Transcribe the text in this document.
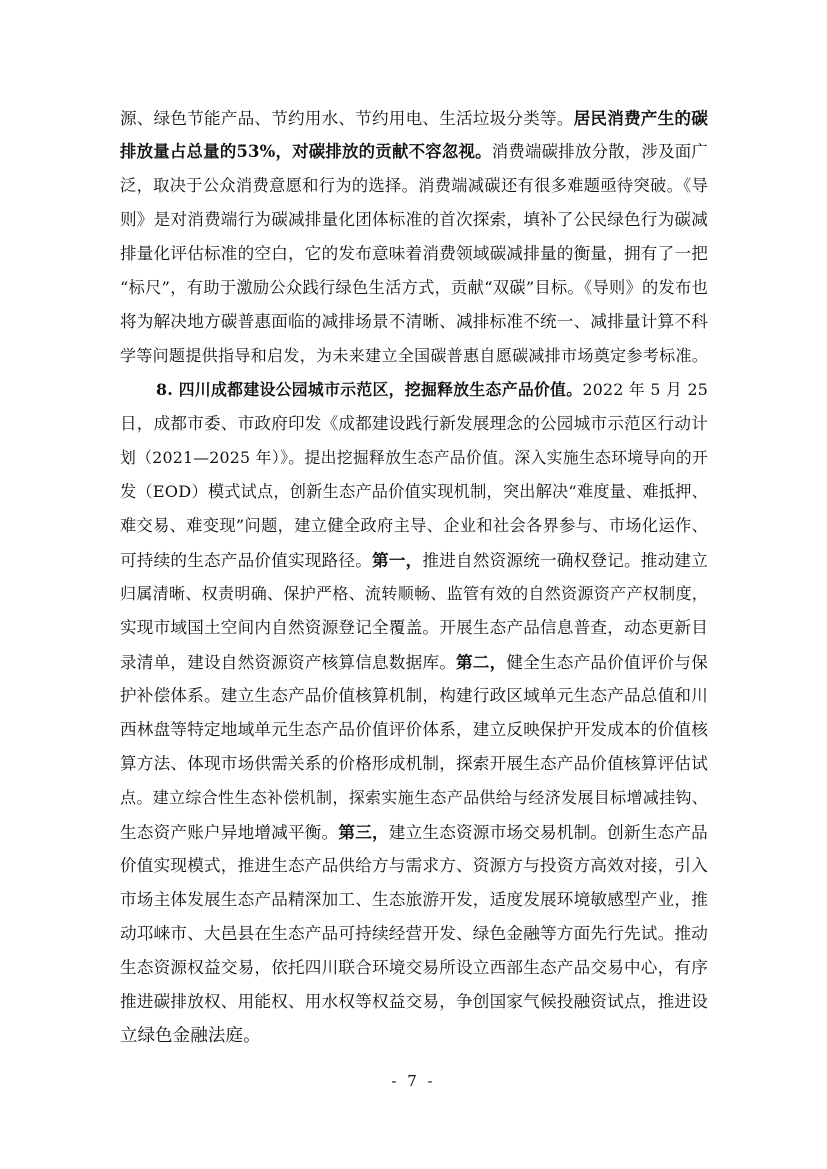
源、绿色节能产品、节约用水、节约用电、生活垃圾分类等。居民消费产生的碳
排放量占总量的53%，对碳排放的贡献不容忽视。消费端碳排放分散，涉及面广
泛，取决于公众消费意愿和行为的选择。消费端减碳还有很多难题亟待突破。《导
则》是对消费端行为碳减排量化团体标准的首次探索，填补了公民绿色行为碳减
排量化评估标准的空白，它的发布意味着消费领域碳减排量的衡量，拥有了一把
“标尺”，有助于激励公众践行绿色生活方式，贡献“双碳”目标。《导则》的发布也
将为解决地方碳普惠面临的减排场景不清晰、减排标准不统一、减排量计算不科
学等问题提供指导和启发，为未来建立全国碳普惠自愿碳减排市场奠定参考标准。
8. 四川成都建设公园城市示范区，挖掘释放生态产品价值。2022 年 5 月 25
日，成都市委、市政府印发《成都建设践行新发展理念的公园城市示范区行动计
划（2021—2025 年）》。提出挖掘释放生态产品价值。深入实施生态环境导向的开
发（EOD）模式试点，创新生态产品价值实现机制，突出解决“难度量、难抵押、
难交易、难变现”问题，建立健全政府主导、企业和社会各界参与、市场化运作、
可持续的生态产品价值实现路径。第一，推进自然资源统一确权登记。推动建立
归属清晰、权责明确、保护严格、流转顺畅、监管有效的自然资源资产产权制度，
实现市域国土空间内自然资源登记全覆盖。开展生态产品信息普查，动态更新目
录清单，建设自然资源资产核算信息数据库。第二，健全生态产品价值评价与保
护补偿体系。建立生态产品价值核算机制，构建行政区域单元生态产品总值和川
西林盘等特定地域单元生态产品价值评价体系，建立反映保护开发成本的价值核
算方法、体现市场供需关系的价格形成机制，探索开展生态产品价值核算评估试
点。建立综合性生态补偿机制，探索实施生态产品供给与经济发展目标增减挂钩、
生态资产账户异地增减平衡。第三，建立生态资源市场交易机制。创新生态产品
价值实现模式，推进生态产品供给方与需求方、资源方与投资方高效对接，引入
市场主体发展生态产品精深加工、生态旅游开发，适度发展环境敏感型产业，推
动邛崃市、大邑县在生态产品可持续经营开发、绿色金融等方面先行先试。推动
生态资源权益交易，依托四川联合环境交易所设立西部生态产品交易中心，有序
推进碳排放权、用能权、用水权等权益交易，争创国家气候投融资试点，推进设
立绿色金融法庭。
- 7 -
